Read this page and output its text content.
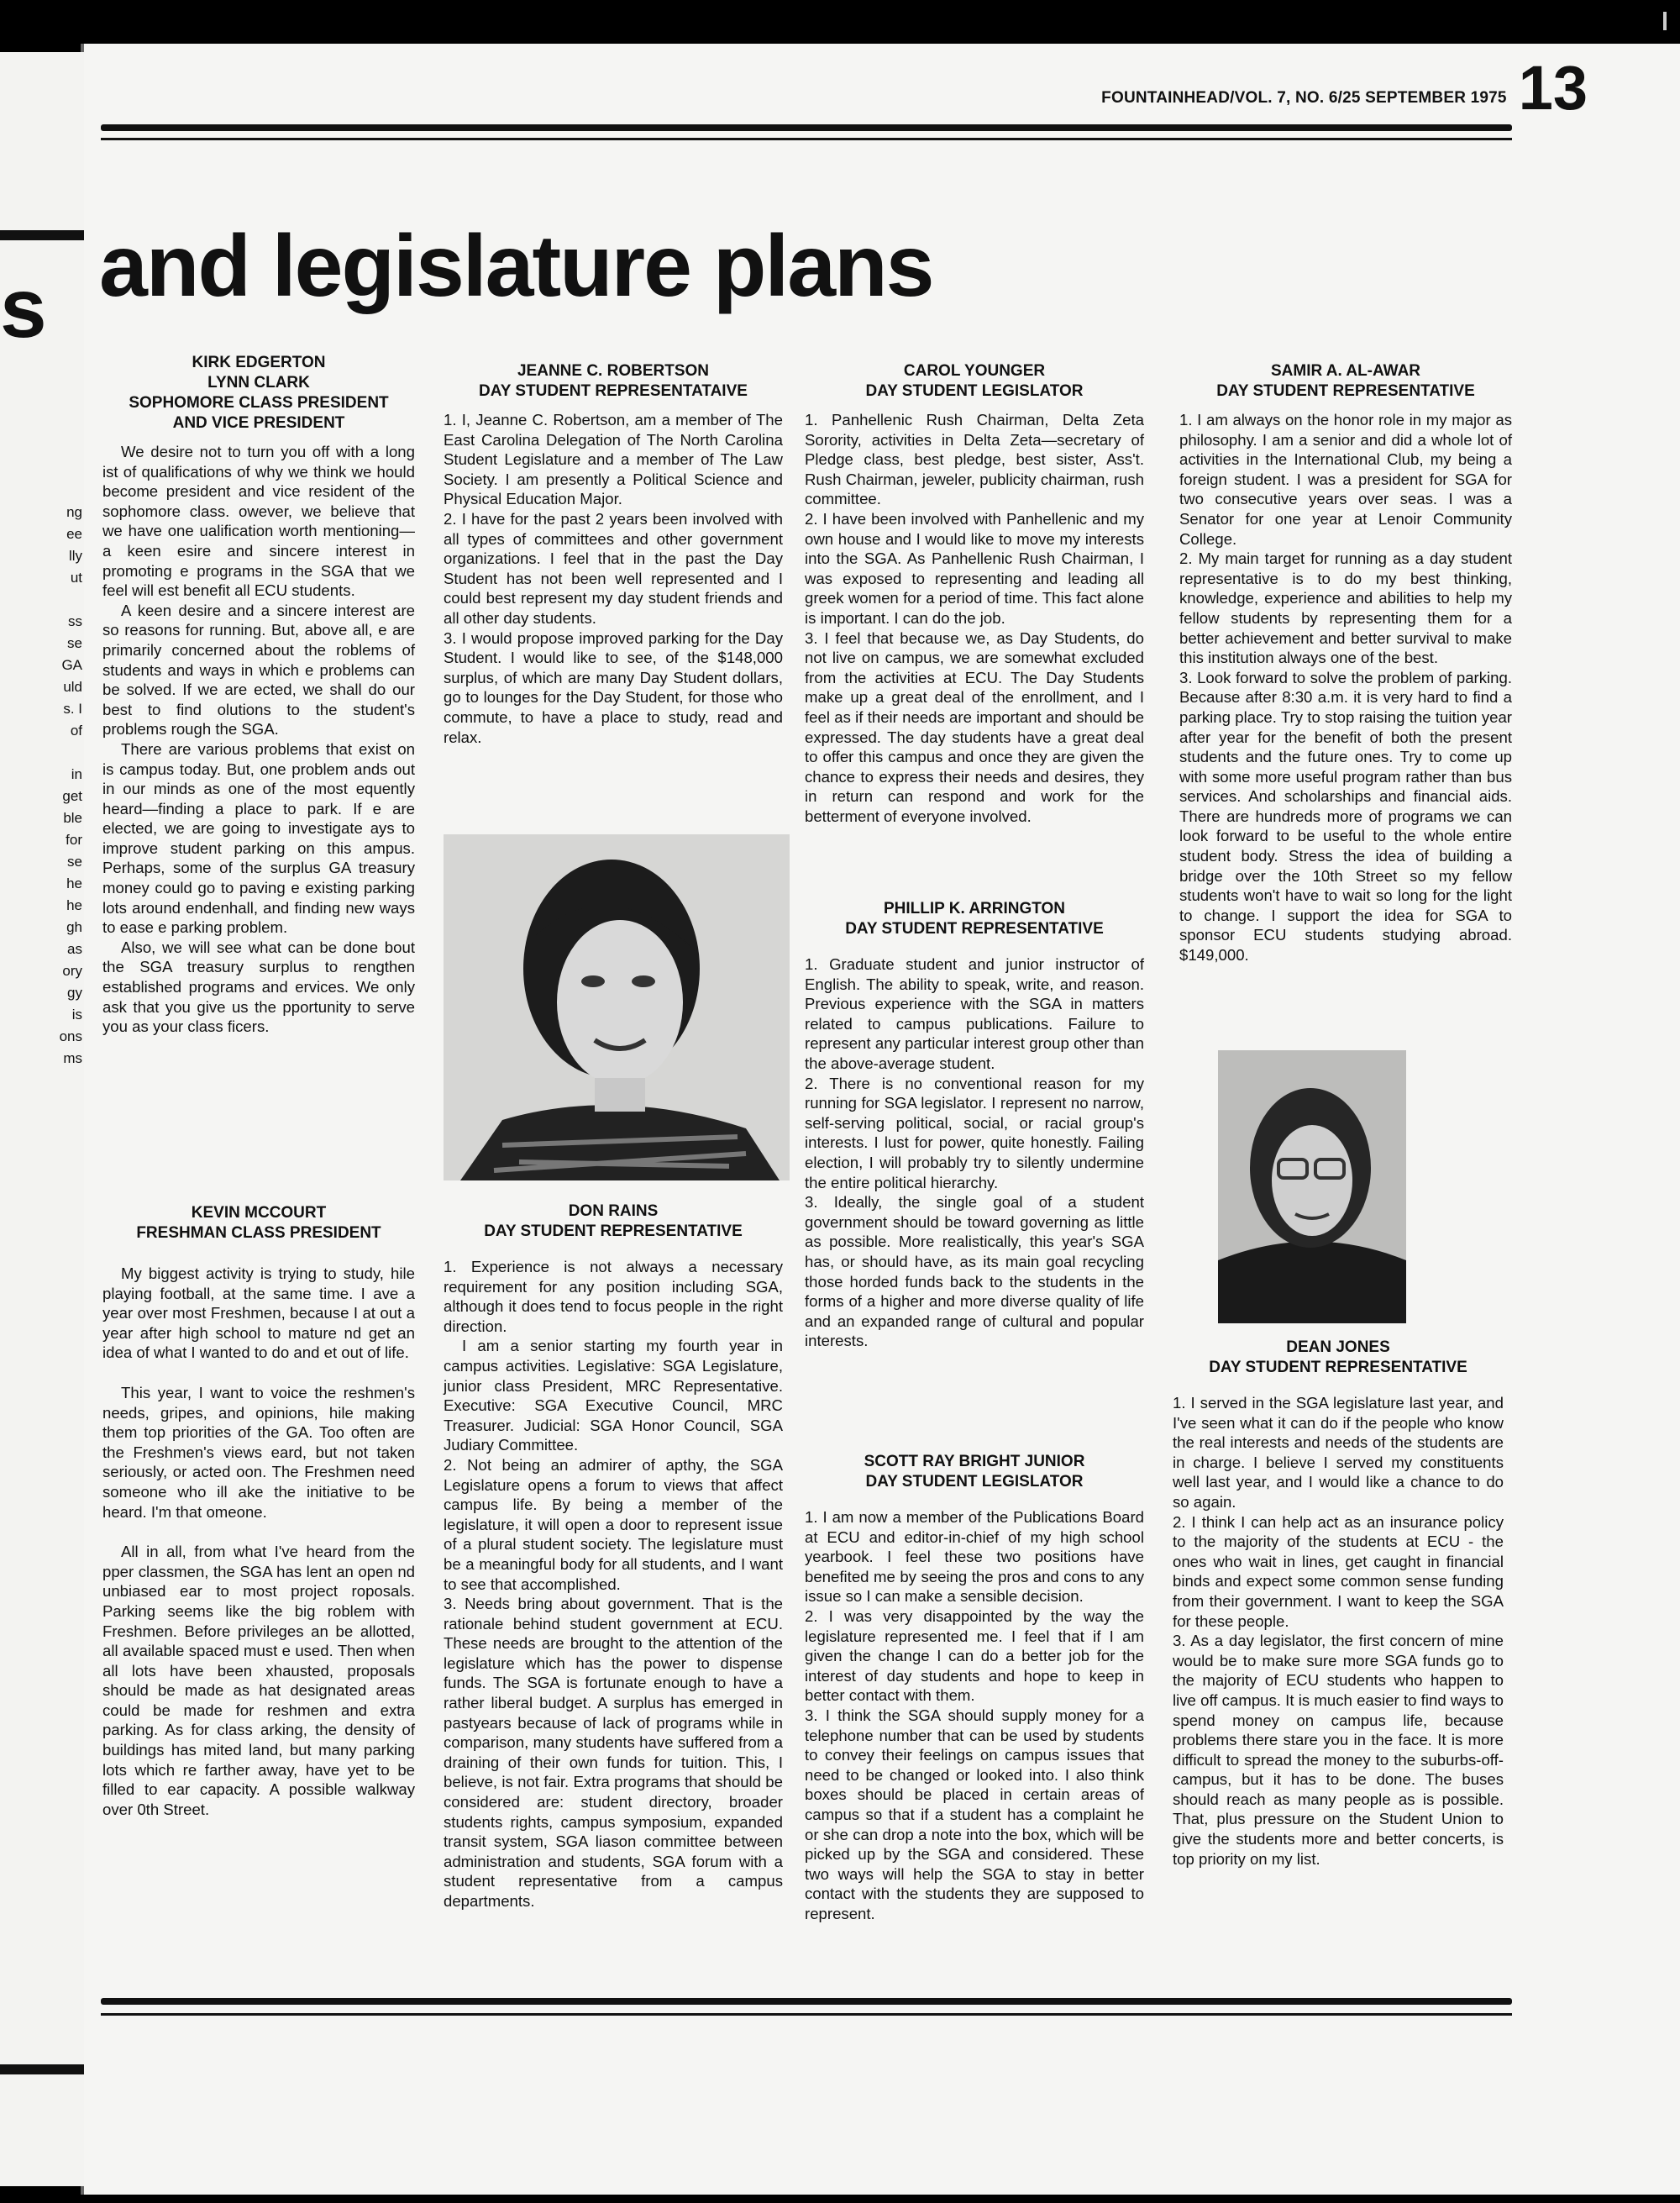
s
ng
ee
lly
ut

ss
se
GA
uld
s. I
of

in
get
ble
for
se
he
he
gh
as
ory
gy
is
ons
ms
FOUNTAINHEAD/VOL. 7, NO. 6/25 SEPTEMBER 1975 13
and legislature plans
KIRK EDGERTON
LYNN CLARK
SOPHOMORE CLASS PRESIDENT
AND VICE PRESIDENT

We desire not to turn you off with a long ist of qualifications of why we think we hould become president and vice resident of the sophomore class. owever, we believe that we have one ualification worth mentioning—a keen esire and sincere interest in promoting e programs in the SGA that we feel will est benefit all ECU students.

A keen desire and a sincere interest are so reasons for running. But, above all, e are primarily concerned about the roblems of students and ways in which e problems can be solved. If we are ected, we shall do our best to find olutions to the student's problems rough the SGA.

There are various problems that exist on is campus today. But, one problem ands out in our minds as one of the most equently heard—finding a place to park. If e are elected, we are going to investigate ays to improve student parking on this ampus. Perhaps, some of the surplus GA treasury money could go to paving e existing parking lots around endenhall, and finding new ways to ease e parking problem.

Also, we will see what can be done bout the SGA treasury surplus to rengthen established programs and ervices. We only ask that you give us the pportunity to serve you as your class ficers.

KEVIN MCCOURT
FRESHMAN CLASS PRESIDENT

My biggest activity is trying to study, hile playing football, at the same time. I ave a year over most Freshmen, because I at out a year after high school to mature nd get an idea of what I wanted to do and et out of life.

This year, I want to voice the reshmen's needs, gripes, and opinions, hile making them top priorities of the GA. Too often are the Freshmen's views eard, but not taken seriously, or acted oon. The Freshmen need someone who ill ake the initiative to be heard. I'm that omeone.

All in all, from what I've heard from the pper classmen, the SGA has lent an open nd unbiased ear to most project roposals. Parking seems like the big roblem with Freshmen. Before privileges an be allotted, all available spaced must e used. Then when all lots have been xhausted, proposals should be made as hat designated areas could be made for reshmen and extra parking. As for class arking, the density of buildings has mited land, but many parking lots which re farther away, have yet to be filled to ear capacity. A possible walkway over 0th Street.

JEANNE C. ROBERTSON
DAY STUDENT REPRESENTATAIVE

1. I, Jeanne C. Robertson, am a member of The East Carolina Delegation of The North Carolina Student Legislature and a member of The Law Society. I am presently a Political Science and Physical Education Major.

2. I have for the past 2 years been involved with all types of committees and other government organizations. I feel that in the past the Day Student has not been well represented and I could best represent my day student friends and all other day students.

3. I would propose improved parking for the Day Student. I would like to see, of the $148,000 surplus, of which are many Day Student dollars, go to lounges for the Day Student, for those who commute, to have a place to study, read and relax.

DON RAINS
DAY STUDENT REPRESENTATIVE

1. Experience is not always a necessary requirement for any position including SGA, although it does tend to focus people in the right direction.

I am a senior starting my fourth year in campus activities. Legislative: SGA Legislature, junior class President, MRC Representative. Executive: SGA Executive Council, MRC Treasurer. Judicial: SGA Honor Council, SGA Judiary Committee.

2. Not being an admirer of apthy, the SGA Legislature opens a forum to views that affect campus life. By being a member of the legislature, it will open a door to represent issue of a plural student society. The legislature must be a meaningful body for all students, and I want to see that accomplished.

3. Needs bring about government. That is the rationale behind student government at ECU. These needs are brought to the attention of the legislature which has the power to dispense funds. The SGA is fortunate enough to have a rather liberal budget. A surplus has emerged in pastyears because of lack of programs while in comparison, many students have suffered from a draining of their own funds for tuition. This, I believe, is not fair. Extra programs that should be considered are: student directory, broader students rights, campus symposium, expanded transit system, SGA liason committee between administration and students, SGA forum with a student representative from a campus departments.

CAROL YOUNGER
DAY STUDENT LEGISLATOR

1. Panhellenic Rush Chairman, Delta Zeta Sorority, activities in Delta Zeta—secretary of Pledge class, best pledge, best sister, Ass't. Rush Chairman, jeweler, publicity chairman, rush committee.

2. I have been involved with Panhellenic and my own house and I would like to move my interests into the SGA. As Panhellenic Rush Chairman, I was exposed to representing and leading all greek women for a period of time. This fact alone is important. I can do the job.

3. I feel that because we, as Day Students, do not live on campus, we are somewhat excluded from the activities at ECU. The Day Students make up a great deal of the enrollment, and I feel as if their needs are important and should be expressed. The day students have a great deal to offer this campus and once they are given the chance to express their needs and desires, they in return can respond and work for the betterment of everyone involved.

PHILLIP K. ARRINGTON
DAY STUDENT REPRESENTATIVE

1. Graduate student and junior instructor of English. The ability to speak, write, and reason. Previous experience with the SGA in matters related to campus publications. Failure to represent any particular interest group other than the above-average student.

2. There is no conventional reason for my running for SGA legislator. I represent no narrow, self-serving political, social, or racial group's interests. I lust for power, quite honestly. Failing election, I will probably try to silently undermine the entire political hierarchy.

3. Ideally, the single goal of a student government should be toward governing as little as possible. More realistically, this year's SGA has, or should have, as its main goal recycling those horded funds back to the students in the forms of a higher and more diverse quality of life and an expanded range of cultural and popular interests.

SCOTT RAY BRIGHT JUNIOR
DAY STUDENT LEGISLATOR

1. I am now a member of the Publications Board at ECU and editor-in-chief of my high school yearbook. I feel these two positions have benefited me by seeing the pros and cons to any issue so I can make a sensible decision.

2. I was very disappointed by the way the legislature represented me. I feel that if I am given the change I can do a better job for the interest of day students and hope to keep in better contact with them.

3. I think the SGA should supply money for a telephone number that can be used by students to convey their feelings on campus issues that need to be changed or looked into. I also think boxes should be placed in certain areas of campus so that if a student has a complaint he or she can drop a note into the box, which will be picked up by the SGA and considered. These two ways will help the SGA to stay in better contact with the students they are supposed to represent.

SAMIR A. AL-AWAR
DAY STUDENT REPRESENTATIVE

1. I am always on the honor role in my major as philosophy. I am a senior and did a whole lot of activities in the International Club, my being a foreign student. I was a president for SGA for two consecutive years over seas. I was a Senator for one year at Lenoir Community College.

2. My main target for running as a day student representative is to do my best thinking, knowledge, experience and abilities to help my fellow students by representing them for a better achievement and better survival to make this institution always one of the best.

3. Look forward to solve the problem of parking. Because after 8:30 a.m. it is very hard to find a parking place. Try to stop raising the tuition year after year for the benefit of both the present students and the future ones. Try to come up with some more useful program rather than bus services. And scholarships and financial aids. There are hundreds more of programs we can look forward to be useful to the whole entire student body. Stress the idea of building a bridge over the 10th Street so my fellow students won't have to wait so long for the light to change. I support the idea for SGA to sponsor ECU students studying abroad. $149,000.

DEAN JONES
DAY STUDENT REPRESENTATIVE

1. I served in the SGA legislature last year, and I've seen what it can do if the people who know the real interests and needs of the students are in charge. I believe I served my constituents well last year, and I would like a chance to do so again.

2. I think I can help act as an insurance policy to the majority of the students at ECU - the ones who wait in lines, get caught in financial binds and expect some common sense funding from their government. I want to keep the SGA for these people.

3. As a day legislator, the first concern of mine would be to make sure more SGA funds go to the majority of ECU students who happen to live off campus. It is much easier to find ways to spend money on campus life, because problems there stare you in the face. It is more difficult to spread the money to the suburbs-off-campus, but it has to be done. The buses should reach as many people as is possible. That, plus pressure on the Student Union to give the students more and better concerts, is top priority on my list.
